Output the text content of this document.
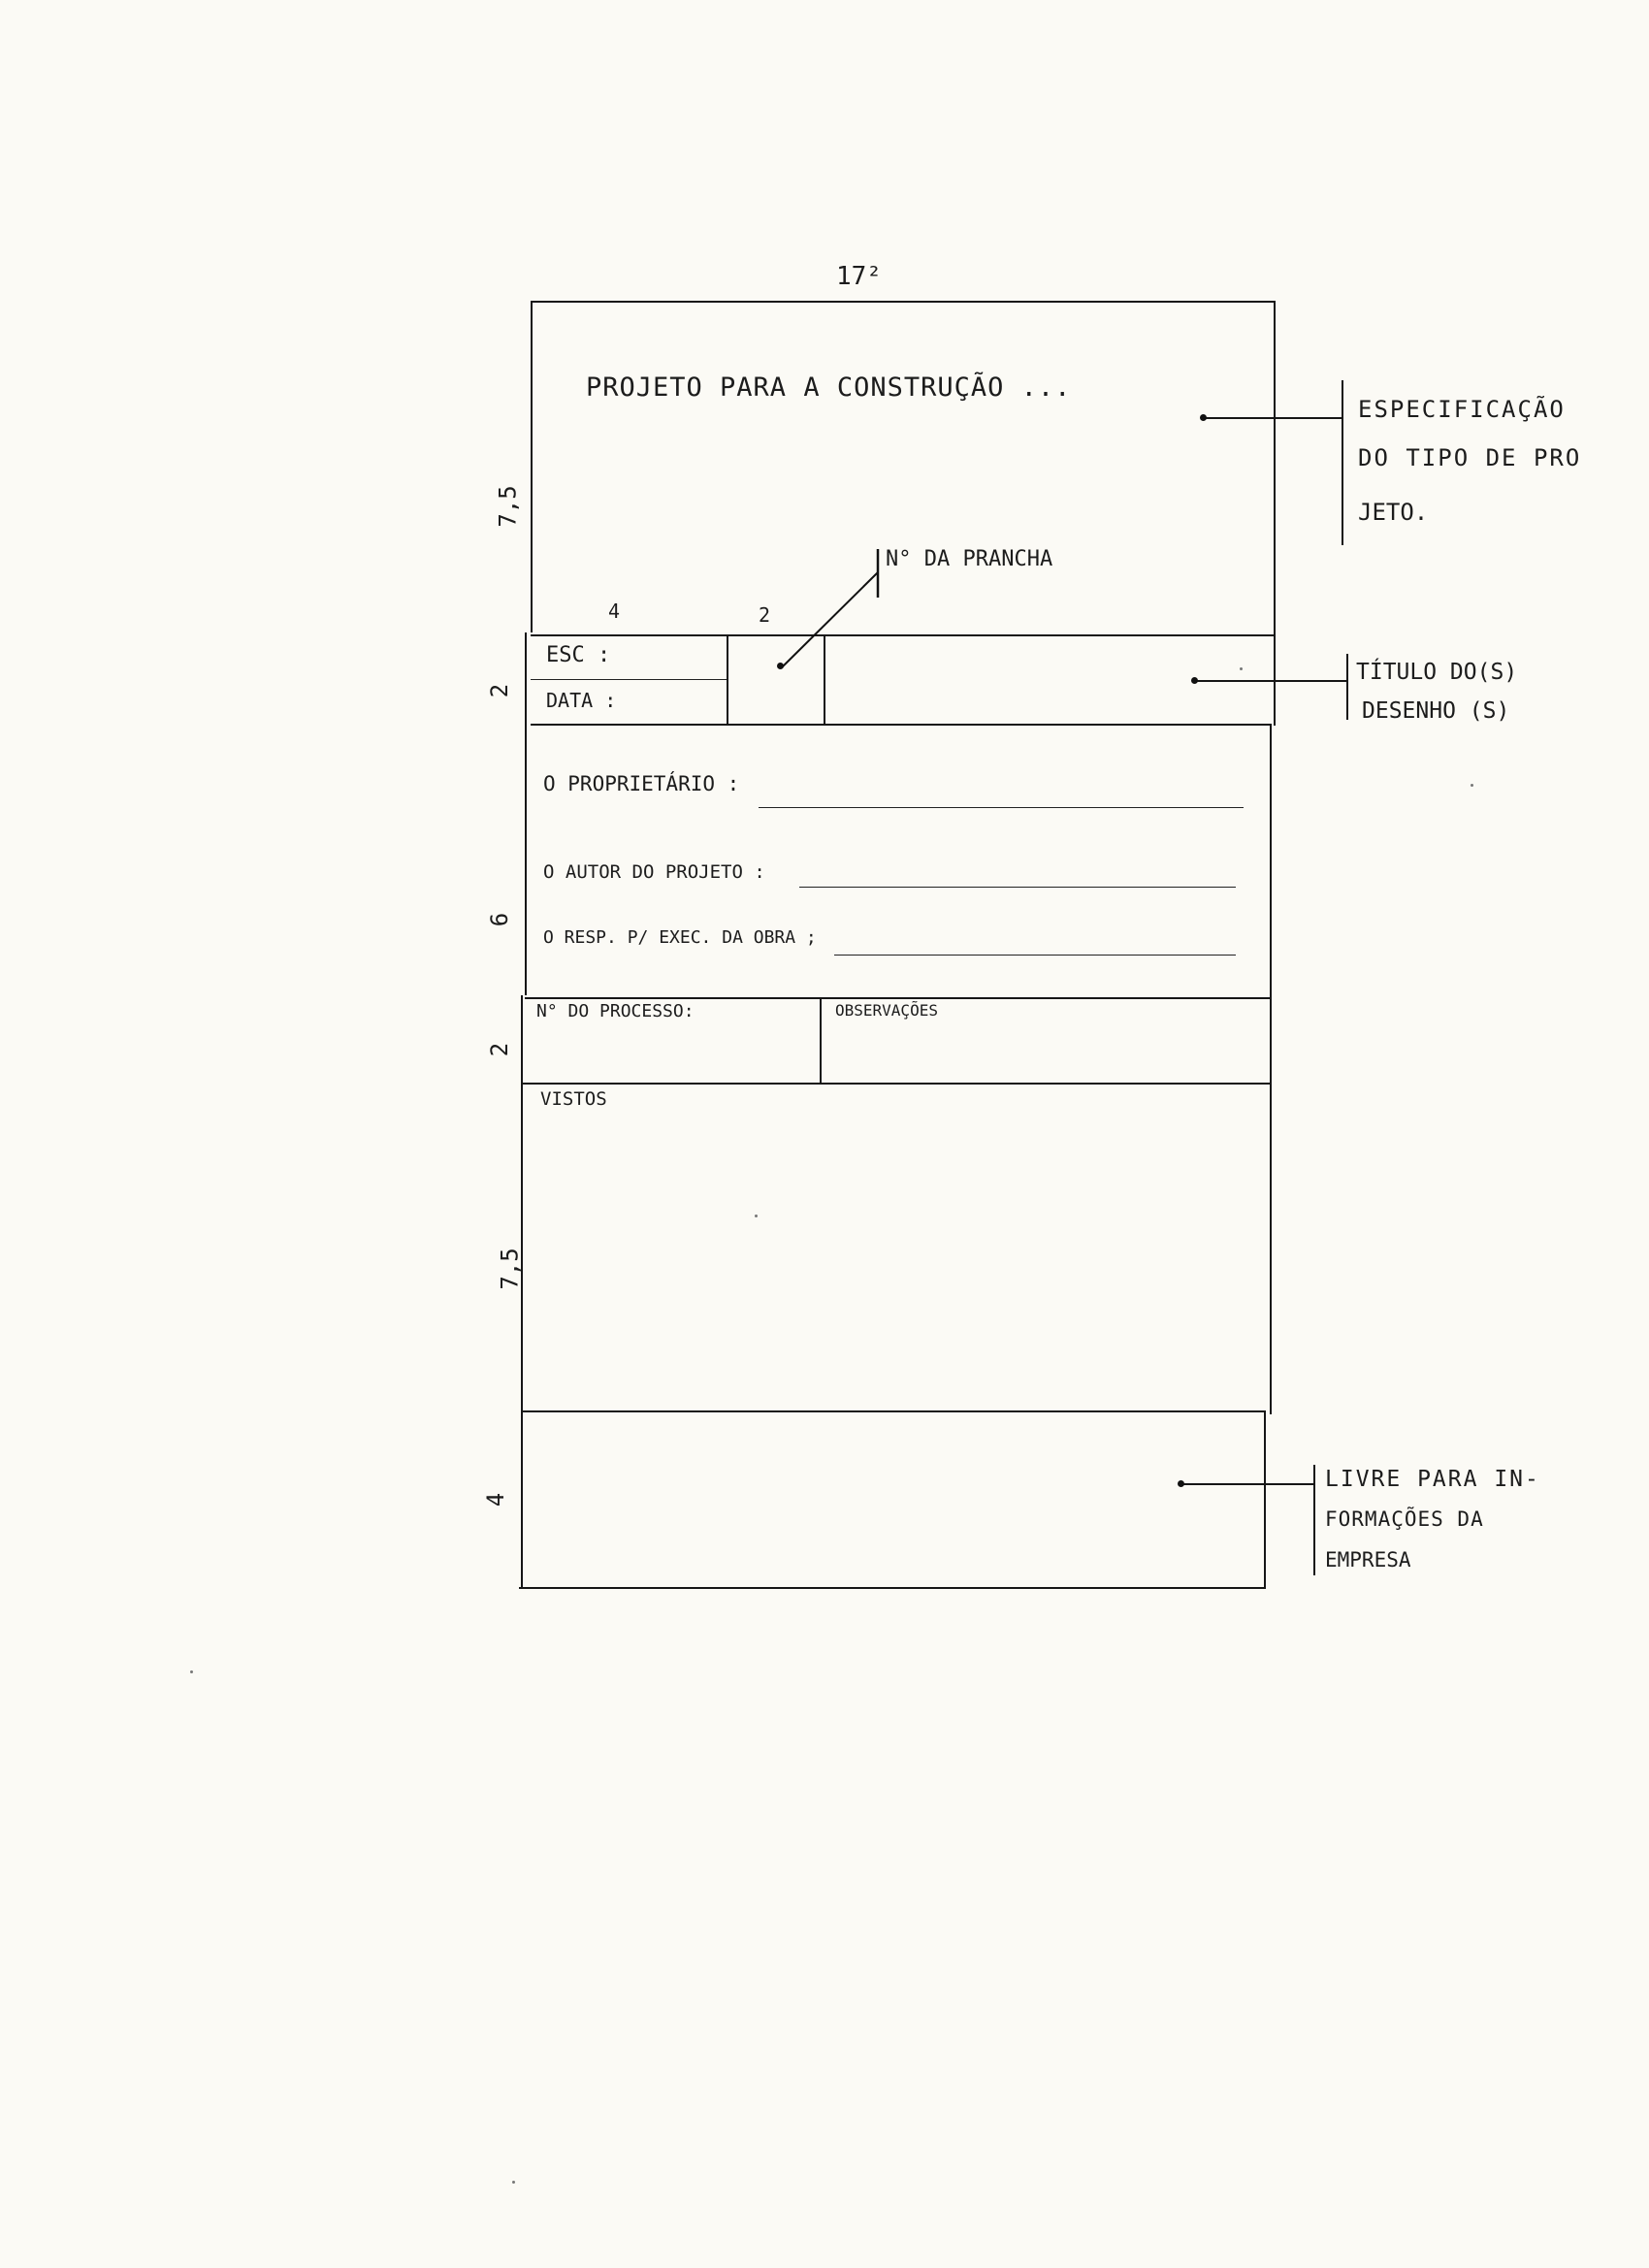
17²
PROJETO PARA A CONSTRUÇÃO ...
4	2
7,5
2
6
2
7,5
4
ESC :
DATA :
O PROPRIETÁRIO :
O AUTOR DO PROJETO :
O RESP. P/ EXEC. DA OBRA ;
N° DO PROCESSO:	OBSERVAÇÕES
VISTOS
N° DA PRANCHA
ESPECIFICAÇÃO
DO TIPO DE PRO
JETO.
TÍTULO DO(S)
DESENHO (S)
LIVRE PARA IN-
FORMAÇÕES DA
EMPRESA
